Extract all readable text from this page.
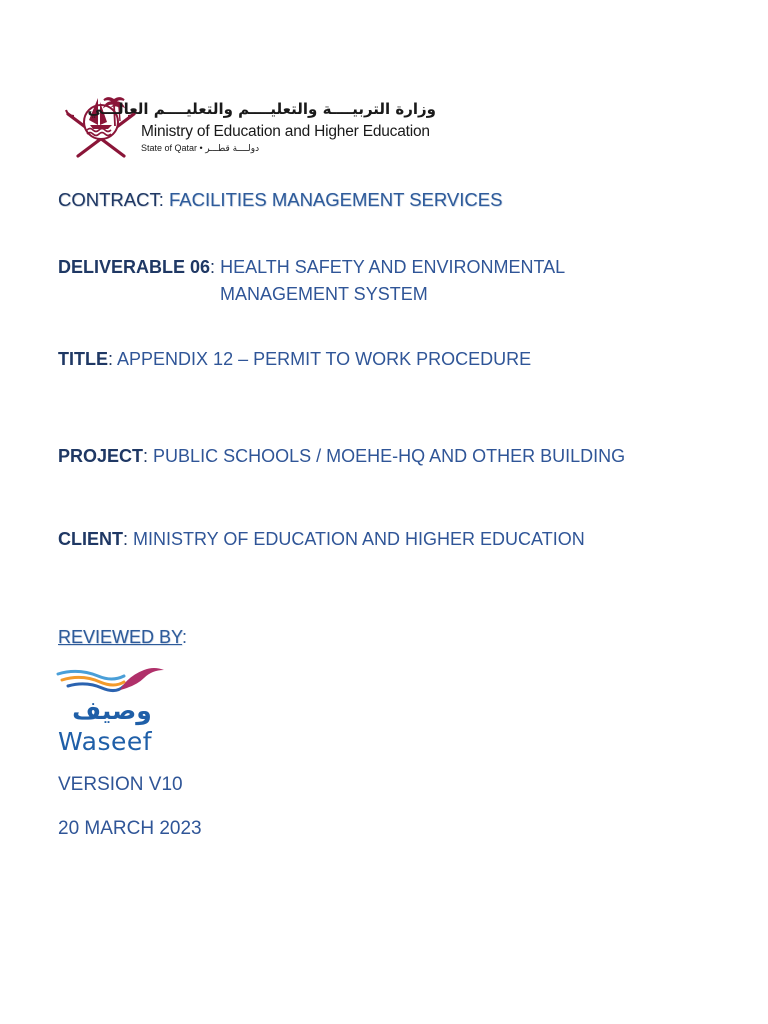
وزارة التربيــــة والتعليــــم والتعليــــم العالـــي
Ministry of Education and Higher Education
State of Qatar • دولــــة قطـــر
CONTRACT: FACILITIES MANAGEMENT SERVICES
DELIVERABLE 06: HEALTH SAFETY AND ENVIRONMENTAL
MANAGEMENT SYSTEM
TITLE: APPENDIX 12 – PERMIT TO WORK PROCEDURE
PROJECT: PUBLIC SCHOOLS / MOEHE-HQ AND OTHER BUILDING
CLIENT: MINISTRY OF EDUCATION AND HIGHER EDUCATION
REVIEWED BY:
وصيف
Waseef
VERSION V10
20 MARCH 2023
